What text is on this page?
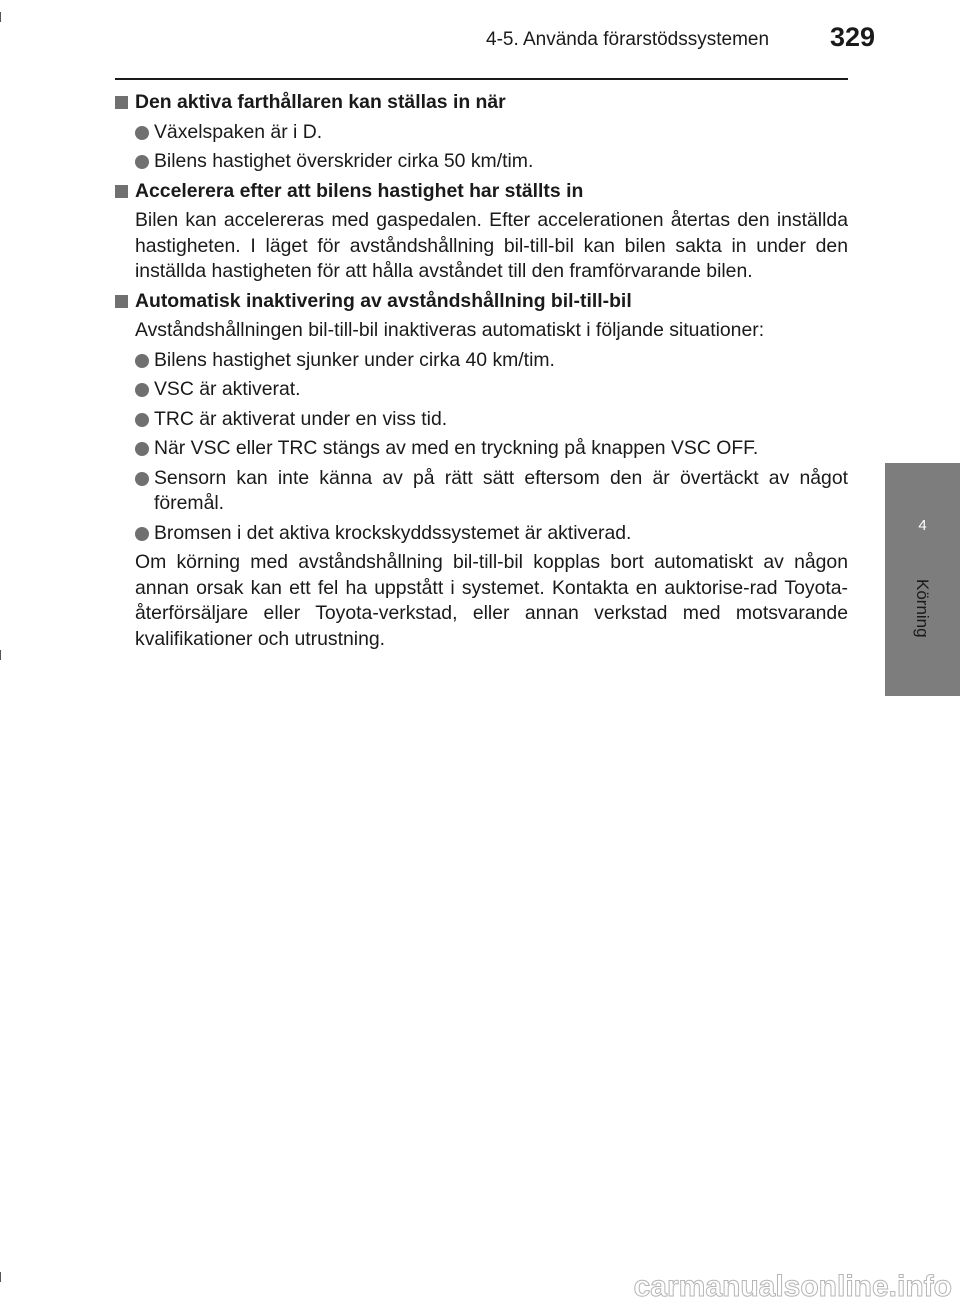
4-5. Använda förarstödssystemen	329
4
Körning
Den aktiva farthållaren kan ställas in när
Växelspaken är i D.
Bilens hastighet överskrider cirka 50 km/tim.
Accelerera efter att bilens hastighet har ställts in
Bilen kan accelereras med gaspedalen. Efter accelerationen återtas den inställda hastigheten. I läget för avståndshållning bil-till-bil kan bilen sakta in under den inställda hastigheten för att hålla avståndet till den framförvarande bilen.
Automatisk inaktivering av avståndshållning bil-till-bil
Avståndshållningen bil-till-bil inaktiveras automatiskt i följande situationer:
Bilens hastighet sjunker under cirka 40 km/tim.
VSC är aktiverat.
TRC är aktiverat under en viss tid.
När VSC eller TRC stängs av med en tryckning på knappen VSC OFF.
Sensorn kan inte känna av på rätt sätt eftersom den är övertäckt av något föremål.
Bromsen i det aktiva krockskyddssystemet är aktiverad.
Om körning med avståndshållning bil-till-bil kopplas bort automatiskt av någon annan orsak kan ett fel ha uppstått i systemet. Kontakta en auktorise-rad Toyota-återförsäljare eller Toyota-verkstad, eller annan verkstad med motsvarande kvalifikationer och utrustning.
carmanualsonline.info
